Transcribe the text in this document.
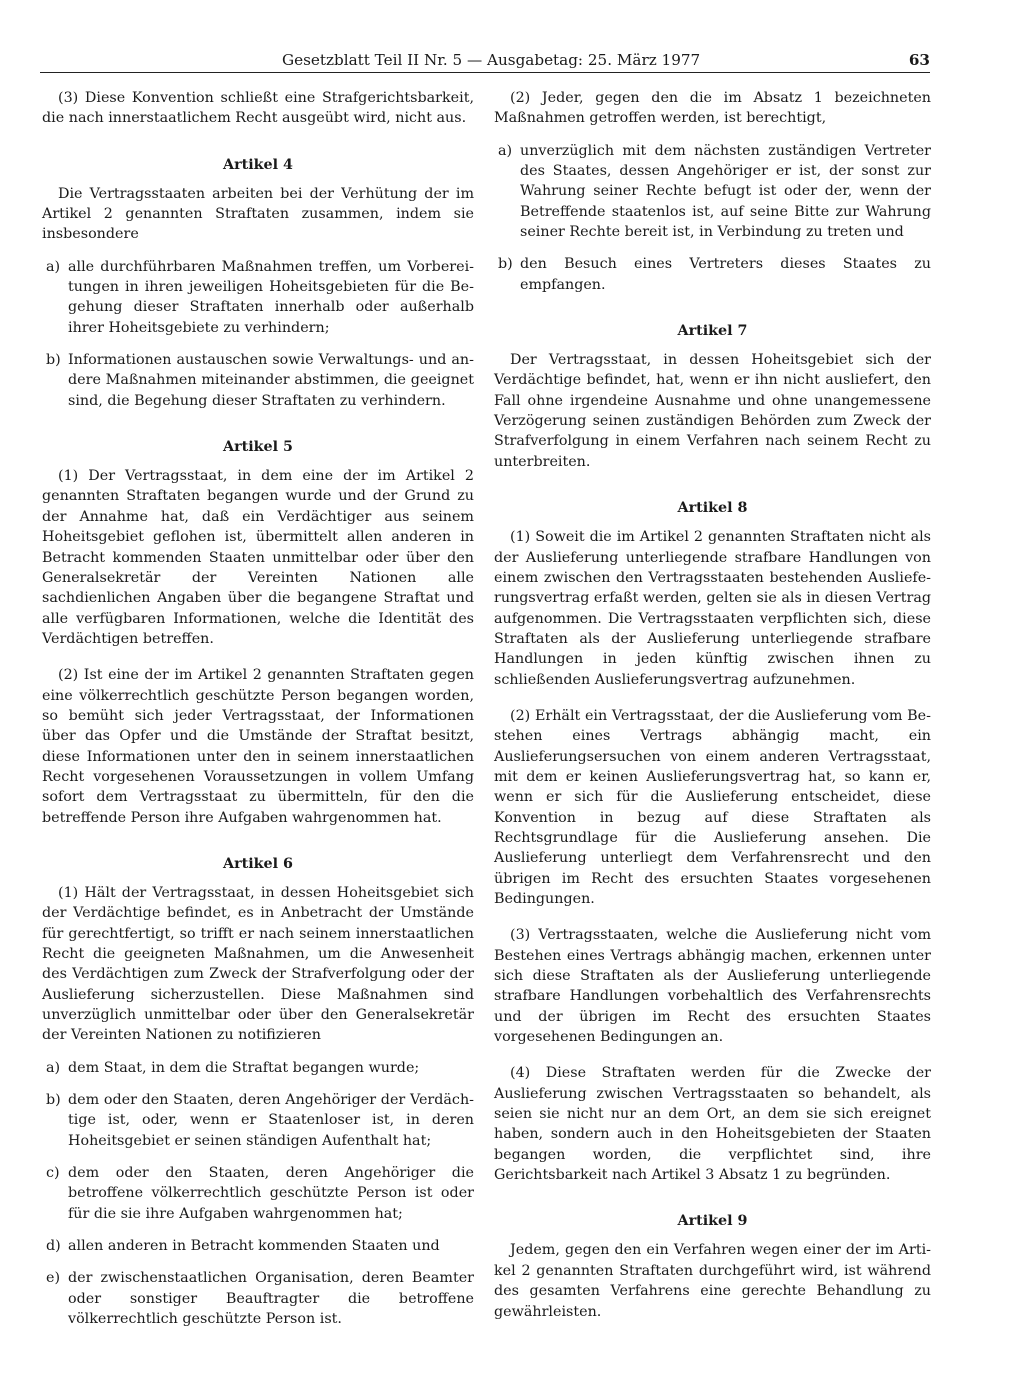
Gesetzblatt Teil II Nr. 5 — Ausgabetag: 25. März 1977	63

(3) Diese Konvention schließt eine Strafgerichtsbarkeit, die nach innerstaatlichem Recht ausgeübt wird, nicht aus.

Artikel 4

Die Vertragsstaaten arbeiten bei der Verhütung der im Artikel 2 genannten Straftaten zusammen, indem sie insbesondere

a) alle durchführbaren Maßnahmen treffen, um Vorbereitungen in ihren jeweiligen Hoheitsgebieten für die Begehung dieser Straftaten innerhalb oder außerhalb ihrer Hoheitsgebiete zu verhindern;
b) Informationen austauschen sowie Verwaltungs- und andere Maßnahmen miteinander abstimmen, die geeignet sind, die Begehung dieser Straftaten zu verhindern.
Artikel 5

(1) Der Vertragsstaat, in dem eine der im Artikel 2 genannten Straftaten begangen wurde und der Grund zu der Annahme hat, daß ein Verdächtiger aus seinem Hoheitsgebiet geflohen ist, übermittelt allen anderen in Betracht kommenden Staaten unmittelbar oder über den Generalsekretär der Vereinten Nationen alle sachdienlichen Angaben über die begangene Straftat und alle verfügbaren Informationen, welche die Identität des Verdächtigen betreffen.

(2) Ist eine der im Artikel 2 genannten Straftaten gegen eine völkerrechtlich geschützte Person begangen worden, so bemüht sich jeder Vertragsstaat, der Informationen über das Opfer und die Umstände der Straftat besitzt, diese Informationen unter den in seinem innerstaatlichen Recht vorgesehenen Voraussetzungen in vollem Umfang sofort dem Vertragsstaat zu übermitteln, für den die betreffende Person ihre Aufgaben wahrgenommen hat.

Artikel 6

(1) Hält der Vertragsstaat, in dessen Hoheitsgebiet sich der Verdächtige befindet, es in Anbetracht der Umstände für gerechtfertigt, so trifft er nach seinem innerstaatlichen Recht die geeigneten Maßnahmen, um die Anwesenheit des Verdächtigen zum Zweck der Strafverfolgung oder der Auslieferung sicherzustellen. Diese Maßnahmen sind unverzüglich unmittelbar oder über den Generalsekretär der Vereinten Nationen zu notifizieren

a) dem Staat, in dem die Straftat begangen wurde;
b) dem oder den Staaten, deren Angehöriger der Verdächtige ist, oder, wenn er Staatenloser ist, in deren Hoheitsgebiet er seinen ständigen Aufenthalt hat;
c) dem oder den Staaten, deren Angehöriger die betroffene völkerrechtlich geschützte Person ist oder für die sie ihre Aufgaben wahrgenommen hat;
d) allen anderen in Betracht kommenden Staaten und
e) der zwischenstaatlichen Organisation, deren Beamter oder sonstiger Beauftragter die betroffene völkerrechtlich geschützte Person ist.

(2) Jeder, gegen den die im Absatz 1 bezeichneten Maßnahmen getroffen werden, ist berechtigt,

a) unverzüglich mit dem nächsten zuständigen Vertreter des Staates, dessen Angehöriger er ist, der sonst zur Wahrung seiner Rechte befugt ist oder der, wenn der Betreffende staatenlos ist, auf seine Bitte zur Wahrung seiner Rechte bereit ist, in Verbindung zu treten und
b) den Besuch eines Vertreters dieses Staates zu empfangen.
Artikel 7

Der Vertragsstaat, in dessen Hoheitsgebiet sich der Verdächtige befindet, hat, wenn er ihn nicht ausliefert, den Fall ohne irgendeine Ausnahme und ohne unangemessene Verzögerung seinen zuständigen Behörden zum Zweck der Strafverfolgung in einem Verfahren nach seinem Recht zu unterbreiten.

Artikel 8

(1) Soweit die im Artikel 2 genannten Straftaten nicht als der Auslieferung unterliegende strafbare Handlungen von einem zwischen den Vertragsstaaten bestehenden Auslieferungsvertrag erfaßt werden, gelten sie als in diesen Vertrag aufgenommen. Die Vertragsstaaten verpflichten sich, diese Straftaten als der Auslieferung unterliegende strafbare Handlungen in jeden künftig zwischen ihnen zu schließenden Auslieferungsvertrag aufzunehmen.

(2) Erhält ein Vertragsstaat, der die Auslieferung vom Bestehen eines Vertrags abhängig macht, ein Auslieferungsersuchen von einem anderen Vertragsstaat, mit dem er keinen Auslieferungsvertrag hat, so kann er, wenn er sich für die Auslieferung entscheidet, diese Konvention in bezug auf diese Straftaten als Rechtsgrundlage für die Auslieferung ansehen. Die Auslieferung unterliegt dem Verfahrensrecht und den übrigen im Recht des ersuchten Staates vorgesehenen Bedingungen.

(3) Vertragsstaaten, welche die Auslieferung nicht vom Bestehen eines Vertrags abhängig machen, erkennen unter sich diese Straftaten als der Auslieferung unterliegende strafbare Handlungen vorbehaltlich des Verfahrensrechts und der übrigen im Recht des ersuchten Staates vorgesehenen Bedingungen an.

(4) Diese Straftaten werden für die Zwecke der Auslieferung zwischen Vertragsstaaten so behandelt, als seien sie nicht nur an dem Ort, an dem sie sich ereignet haben, sondern auch in den Hoheitsgebieten der Staaten begangen worden, die verpflichtet sind, ihre Gerichtsbarkeit nach Artikel 3 Absatz 1 zu begründen.

Artikel 9

Jedem, gegen den ein Verfahren wegen einer der im Artikel 2 genannten Straftaten durchgeführt wird, ist während des gesamten Verfahrens eine gerechte Behandlung zu gewährleisten.
